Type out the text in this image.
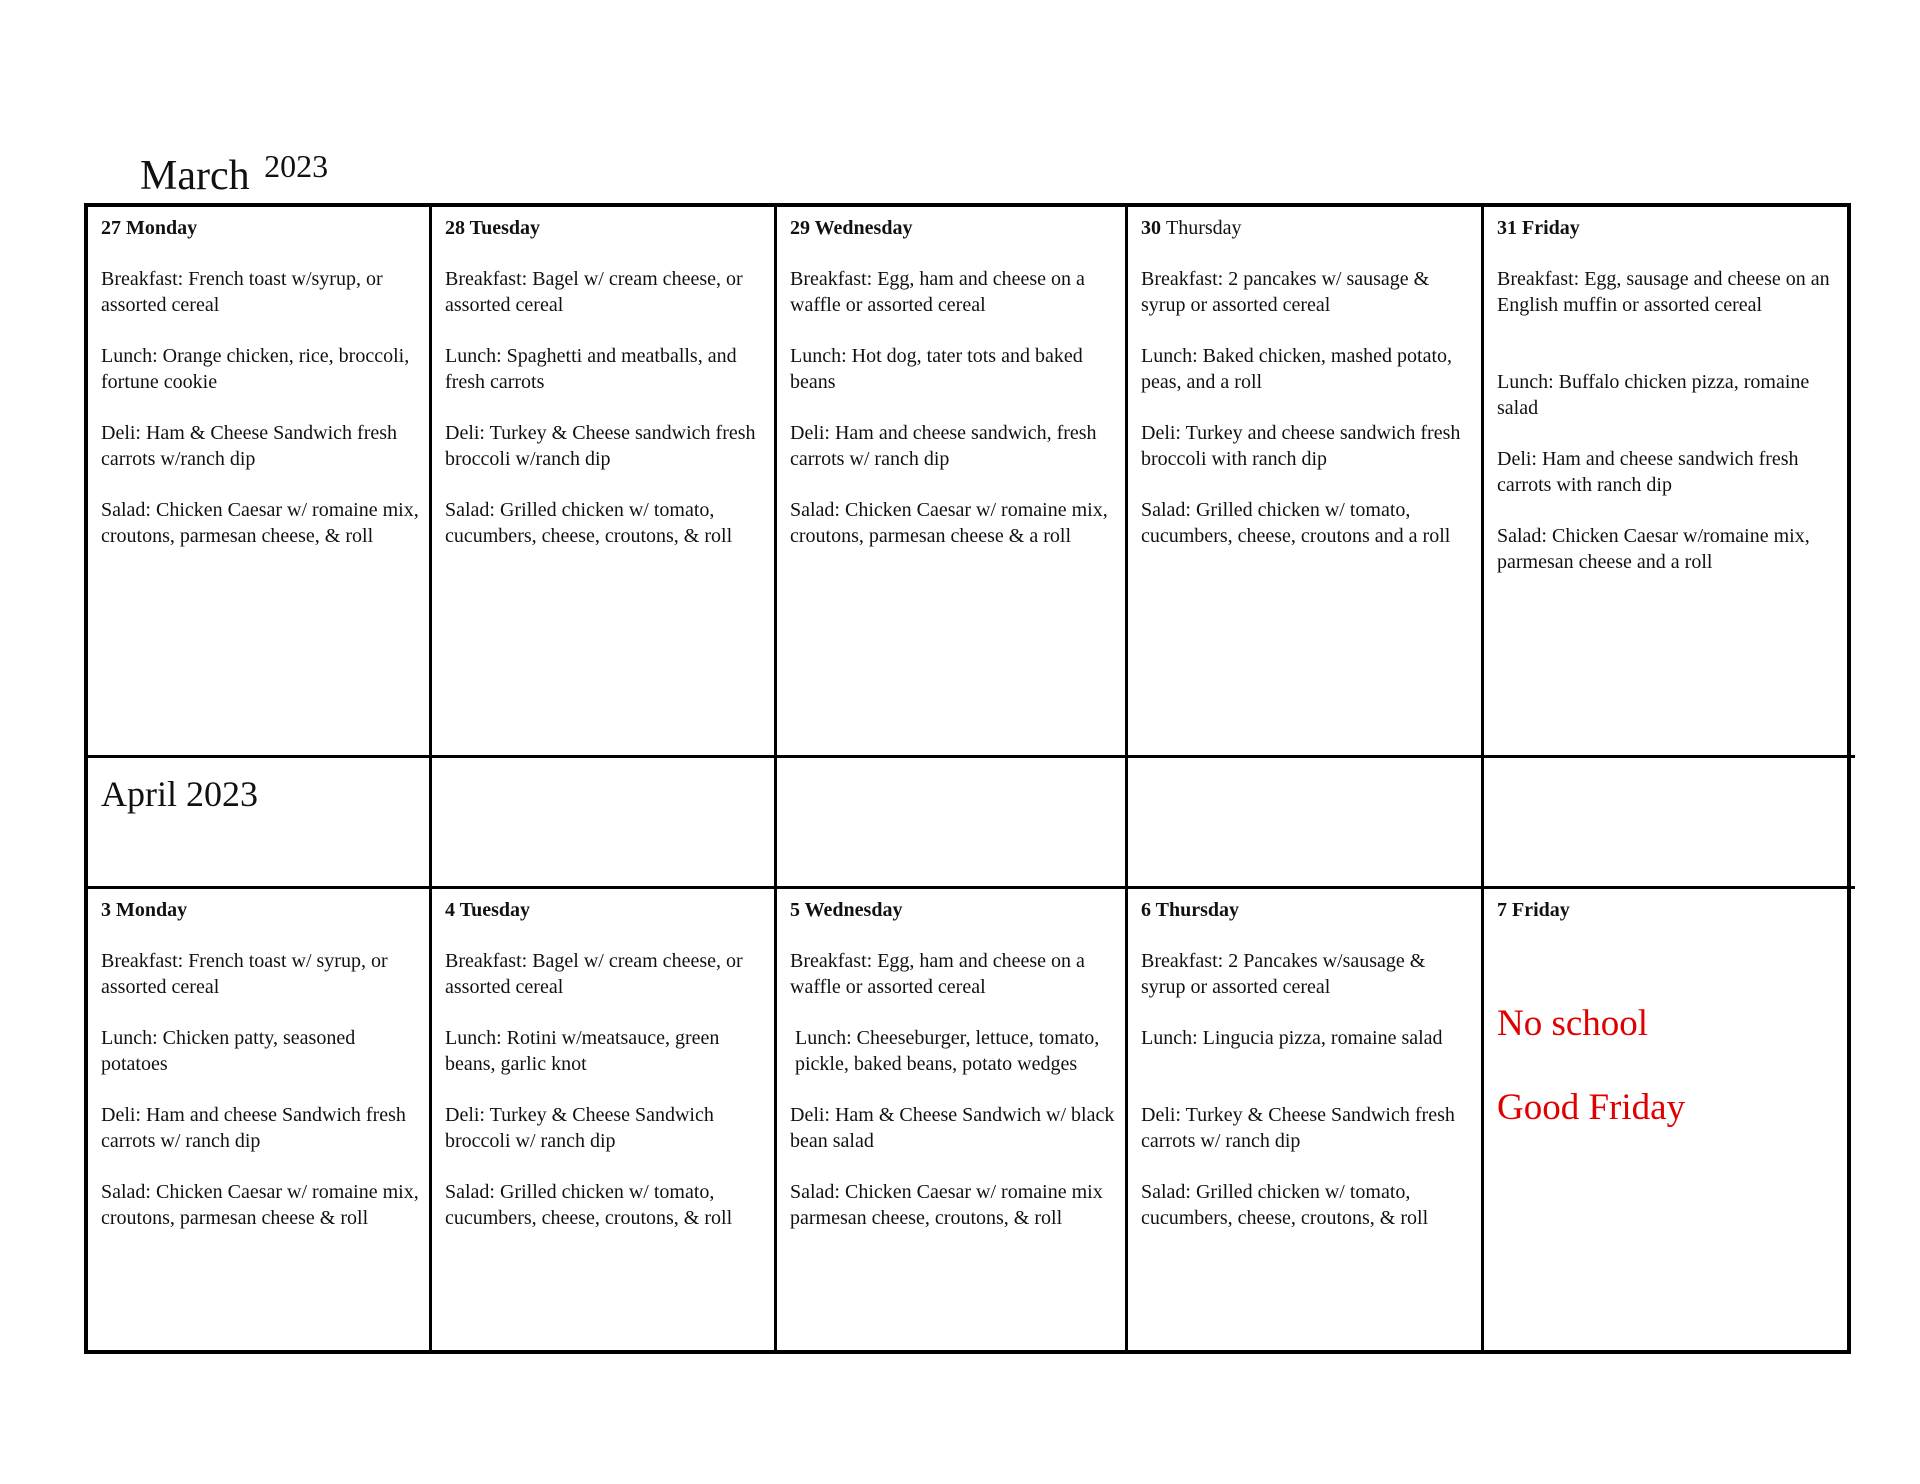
March $^{2023}$
27 Monday
Breakfast: French toast w/syrup, or assorted cereal
Lunch: Orange chicken, rice, broccoli, fortune cookie
Deli: Ham & Cheese Sandwich fresh carrots w/ranch dip
Salad: Chicken Caesar w/ romaine mix, croutons, parmesan cheese, & roll
28 Tuesday
Breakfast: Bagel w/ cream cheese, or assorted cereal
Lunch: Spaghetti and meatballs, and fresh carrots
Deli: Turkey & Cheese sandwich fresh broccoli w/ranch dip
Salad: Grilled chicken w/ tomato, cucumbers, cheese, croutons, & roll
29 Wednesday
Breakfast: Egg, ham and cheese on a waffle or assorted cereal
Lunch: Hot dog, tater tots and baked beans
Deli: Ham and cheese sandwich, fresh carrots w/ ranch dip
Salad: Chicken Caesar w/ romaine mix, croutons, parmesan cheese & a roll
30 Thursday
Breakfast: 2 pancakes w/ sausage & syrup or assorted cereal
Lunch: Baked chicken, mashed potato, peas, and a roll
Deli: Turkey and cheese sandwich fresh broccoli with ranch dip
Salad: Grilled chicken w/ tomato, cucumbers, cheese, croutons and a roll
31 Friday
Breakfast: Egg, sausage and cheese on an English muffin or assorted cereal
Lunch: Buffalo chicken pizza, romaine salad
Deli: Ham and cheese sandwich fresh carrots with ranch dip
Salad: Chicken Caesar w/romaine mix, parmesan cheese and a roll
April 2023
3 Monday
Breakfast: French toast w/ syrup, or assorted cereal
Lunch: Chicken patty, seasoned potatoes
Deli: Ham and cheese Sandwich fresh carrots w/ ranch dip
Salad: Chicken Caesar w/ romaine mix, croutons, parmesan cheese & roll
4 Tuesday
Breakfast: Bagel w/ cream cheese, or assorted cereal
Lunch: Rotini w/meatsauce, green beans, garlic knot
Deli: Turkey & Cheese Sandwich broccoli w/ ranch dip
Salad: Grilled chicken w/ tomato, cucumbers, cheese, croutons, & roll
5 Wednesday
Breakfast: Egg, ham and cheese on a waffle or assorted cereal
Lunch: Cheeseburger, lettuce, tomato, pickle, baked beans, potato wedges
Deli: Ham & Cheese Sandwich w/ black bean salad
Salad: Chicken Caesar w/ romaine mix parmesan cheese, croutons, & roll
6 Thursday
Breakfast: 2 Pancakes w/sausage & syrup or assorted cereal
Lunch: Lingucia pizza, romaine salad
Deli: Turkey & Cheese Sandwich fresh carrots w/ ranch dip
Salad: Grilled chicken w/ tomato, cucumbers, cheese, croutons, & roll
7 Friday
No school
Good Friday
